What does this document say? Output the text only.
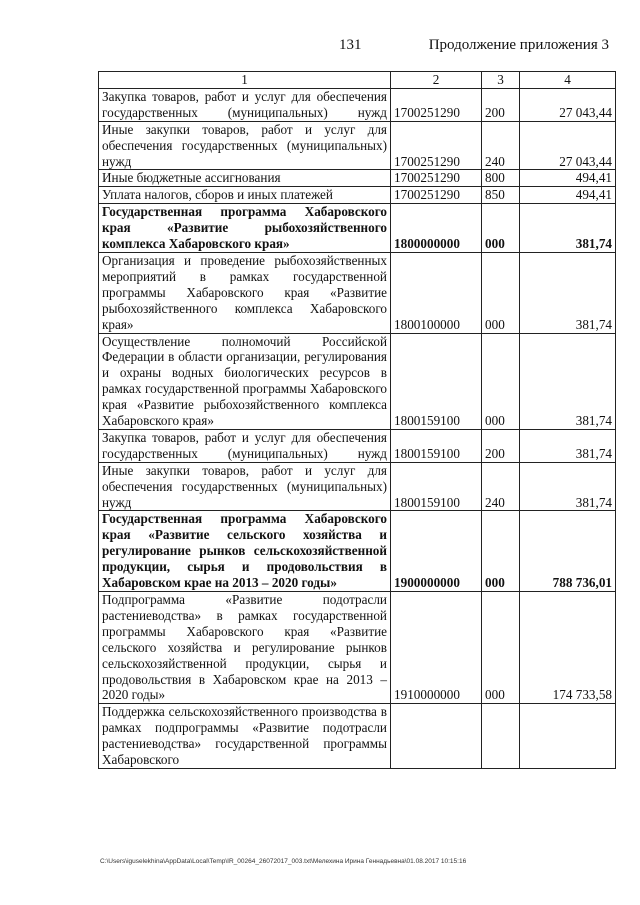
131	Продолжение приложения 3
1	2	3	4
Закупка товаров, работ и услуг для обеспечения государственных (муниципальных) нужд	1700251290	200	27 043,44
Иные закупки товаров, работ и услуг для обеспечения государственных (муниципальных) нужд	1700251290	240	27 043,44
Иные бюджетные ассигнования	1700251290	800	494,41
Уплата налогов, сборов и иных платежей	1700251290	850	494,41
Государственная программа Хабаровского края «Развитие рыбохозяйственного комплекса Хабаровского края»	1800000000	000	381,74
Организация и проведение рыбохозяйственных мероприятий в рамках государственной программы Хабаровского края «Развитие рыбохозяйственного комплекса Хабаровского края»	1800100000	000	381,74
Осуществление полномочий Российской Федерации в области организации, регулирования и охраны водных биологических ресурсов в рамках государственной программы Хабаровского края «Развитие рыбохозяйственного комплекса Хабаровского края»	1800159100	000	381,74
Закупка товаров, работ и услуг для обеспечения государственных (муниципальных) нужд	1800159100	200	381,74
Иные закупки товаров, работ и услуг для обеспечения государственных (муниципальных) нужд	1800159100	240	381,74
Государственная программа Хабаровского края «Развитие сельского хозяйства и регулирование рынков сельскохозяйственной продукции, сырья и продовольствия в Хабаровском крае на 2013 – 2020 годы»	1900000000	000	788 736,01
Подпрограмма «Развитие подотрасли растениеводства» в рамках государственной программы Хабаровского края «Развитие сельского хозяйства и регулирование рынков сельскохозяйственной продукции, сырья и продовольствия в Хабаровском крае на 2013 – 2020 годы»	1910000000	000	174 733,58
Поддержка сельскохозяйственного производства в рамках подпрограммы «Развитие подотрасли растениеводства» государственной программы Хабаровского			
C:\Users\iguselekhina\AppData\Local\Temp\IR_00264_26072017_003.txt\Мелехина Ирина Геннадьевна\01.08.2017 10:15:16
